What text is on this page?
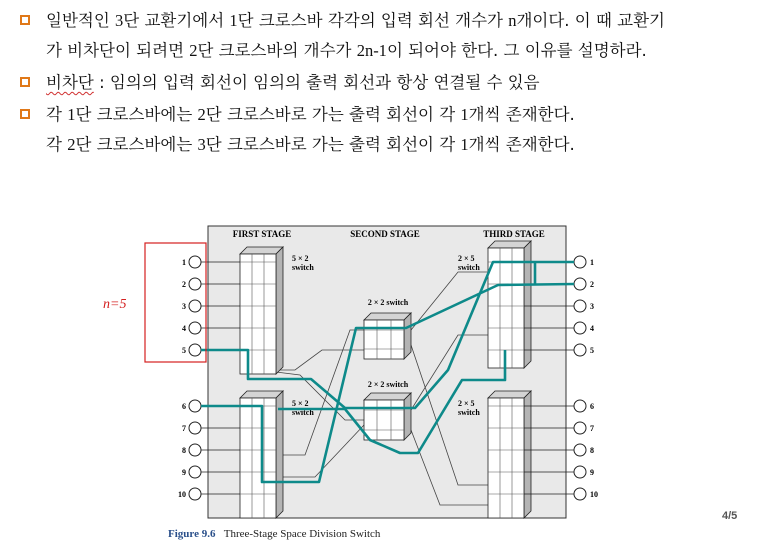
일반적인 3단 교환기에서 1단 크로스바 각각의 입력 회선 개수가 n개이다. 이 때 교환기
가 비차단이 되려면 2단 크로스바의 개수가 2n-1이 되어야 한다. 그 이유를 설명하라.
비차단 : 임의의 입력 회선이 임의의 출력 회선과 항상 연결될 수 있음
각 1단 크로스바에는 2단 크로스바로 가는 출력 회선이 각 1개씩 존재한다.
각 2단 크로스바에는 3단 크로스바로 가는 출력 회선이 각 1개씩 존재한다.
FIRST STAGE	SECOND STAGE	THIRD STAGE
5 × 2
switch
5 × 2
switch
2 × 2 switch
2 × 2 switch
2 × 5
switch
2 × 5
switch
1
2
3
4
5
6
7
8
9
10
1
2
3
4
5
6
7
8
9
10
n=5
4/5
Figure 9.6 Three-Stage Space Division Switch
